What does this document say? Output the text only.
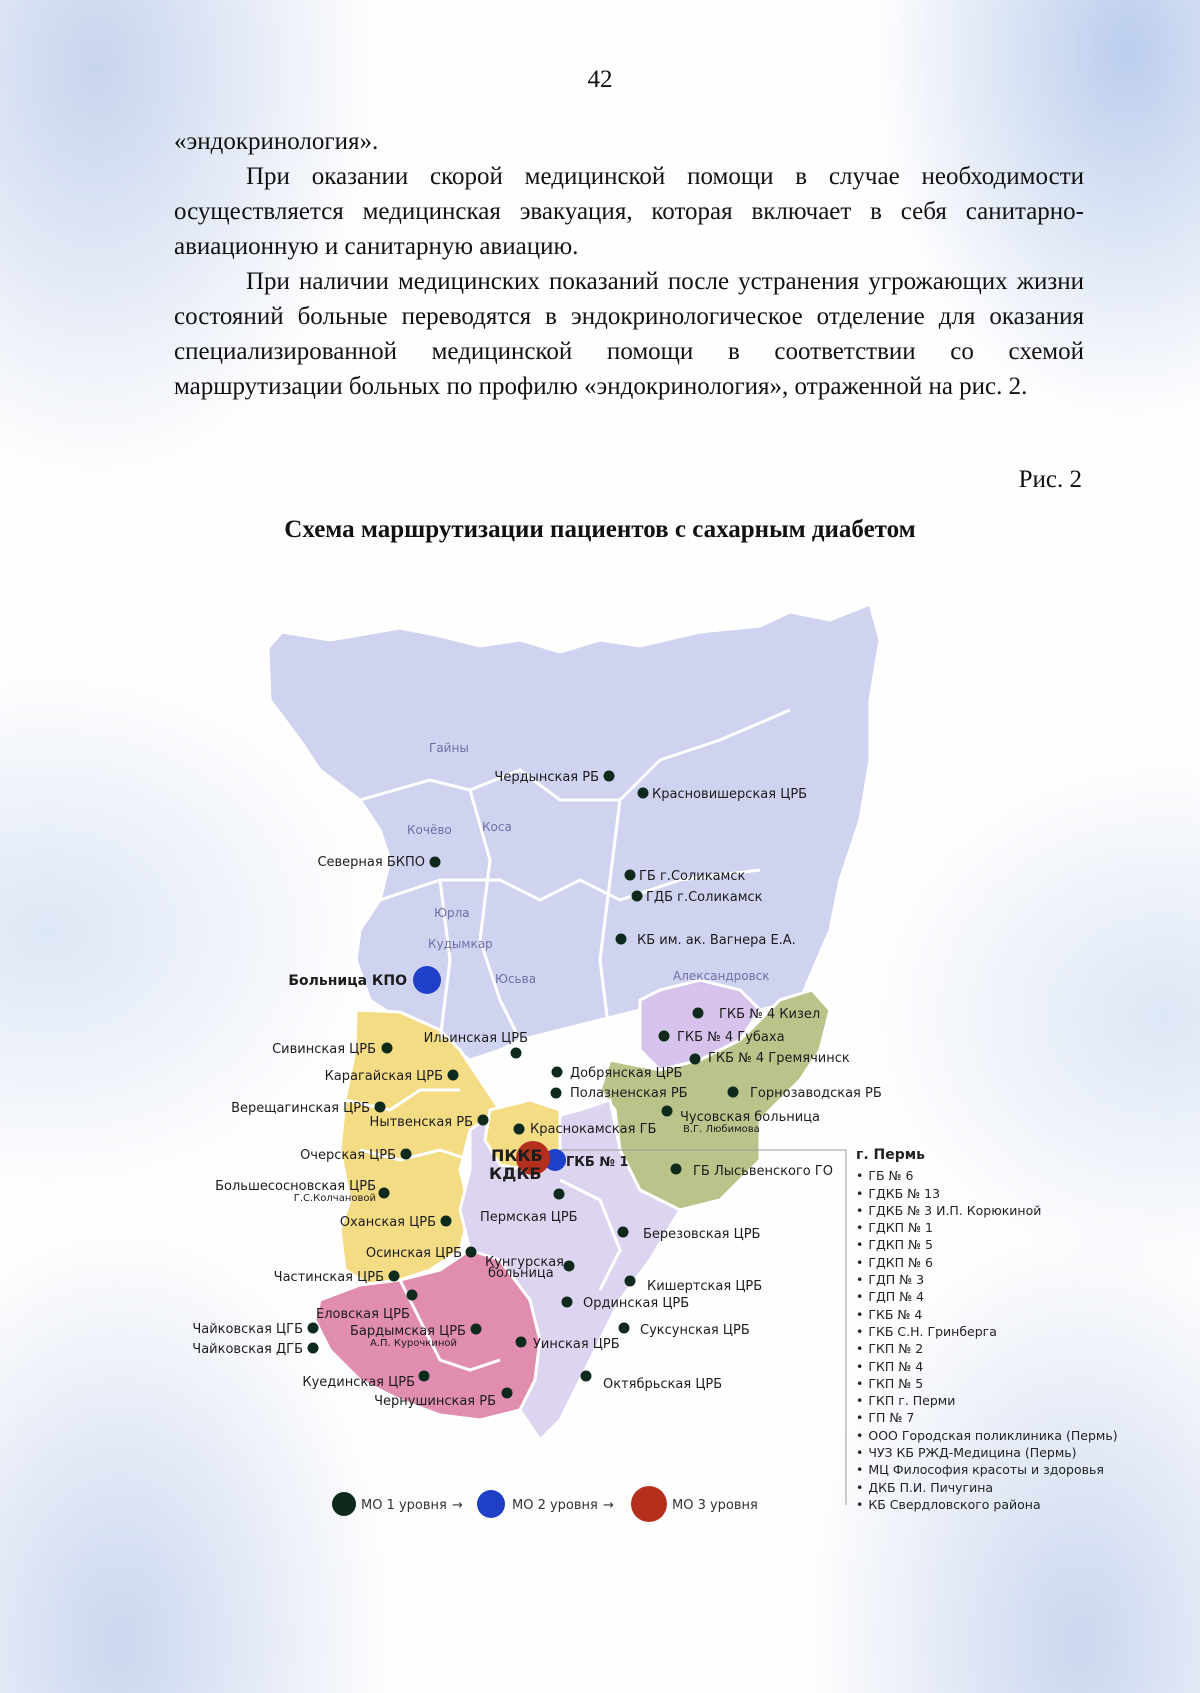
42

«эндокринология».

При оказании скорой медицинской помощи в случае необходимости осуществляется медицинская эвакуация, которая включает в себя санитарно-авиационную и санитарную авиацию.

При наличии медицинских показаний после устранения угрожающих жизни состояний больные переводятся в эндокринологическое отделение для оказания специализированной медицинской помощи в соответствии со схемой маршрутизации больных по профилю «эндокринология», отраженной на рис. 2.

Рис. 2
Схема маршрутизации пациентов с сахарным диабетом
Гайны
Кочёво	Коса
Юрла
Кудымкар
Юсьва	Александровск
Чердынская РБ
Красновишерская ЦРБ
Северная БКПО
ГБ г.Соликамск
ГДБ г.Соликамск
КБ им. ак. Вагнера Е.А.
Больница КПО
ГКБ № 4 Кизел
ГКБ № 4 Губаха
ГКБ № 4 Гремячинск
Сивинская ЦРБ
Ильинская ЦРБ
Карагайская ЦРБ	Добрянская ЦРБ
Полазненская РБ	Горнозаводская РБ
Верещагинская ЦРБ
Нытвенская РБ	Краснокамская ГБ
Чусовская больница
В.Г. Любимова
Очерская ЦРБ	ПККБ
КДКБ
ГКБ № 1
ГБ Лысьвенского ГО
Большесосновская ЦРБ
Г.С.Колчановой
Оханская ЦРБ	Пермская ЦРБ
Березовская ЦРБ
Осинская ЦРБ
Кунгурская
больница
Частинская ЦРБ
Кишертская ЦРБ
Еловская ЦРБ
Ординская ЦРБ
Чайковская ЦГБ	Бардымская ЦРБ
А.П. Курочкиной
Суксунская ЦРБ
Чайковская ДГБ	Уинская ЦРБ
Куединская ЦРБ	Октябрьская ЦРБ
Чернушинская РБ
МО 1 уровня →	МО 2 уровня →	МО 3 уровня
г. Пермь
• ГБ № 6
• ГДКБ № 13
• ГДКБ № 3 И.П. Корюкиной
• ГДКП № 1
• ГДКП № 5
• ГДКП № 6
• ГДП № 3
• ГДП № 4
• ГКБ № 4
• ГКБ С.Н. Гринберга
• ГКП № 2
• ГКП № 4
• ГКП № 5
• ГКП г. Перми
• ГП № 7
• ООО Городская поликлиника (Пермь)
• ЧУЗ КБ РЖД-Медицина (Пермь)
• МЦ Философия красоты и здоровья
• ДКБ П.И. Пичугина
• КБ Свердловского района
